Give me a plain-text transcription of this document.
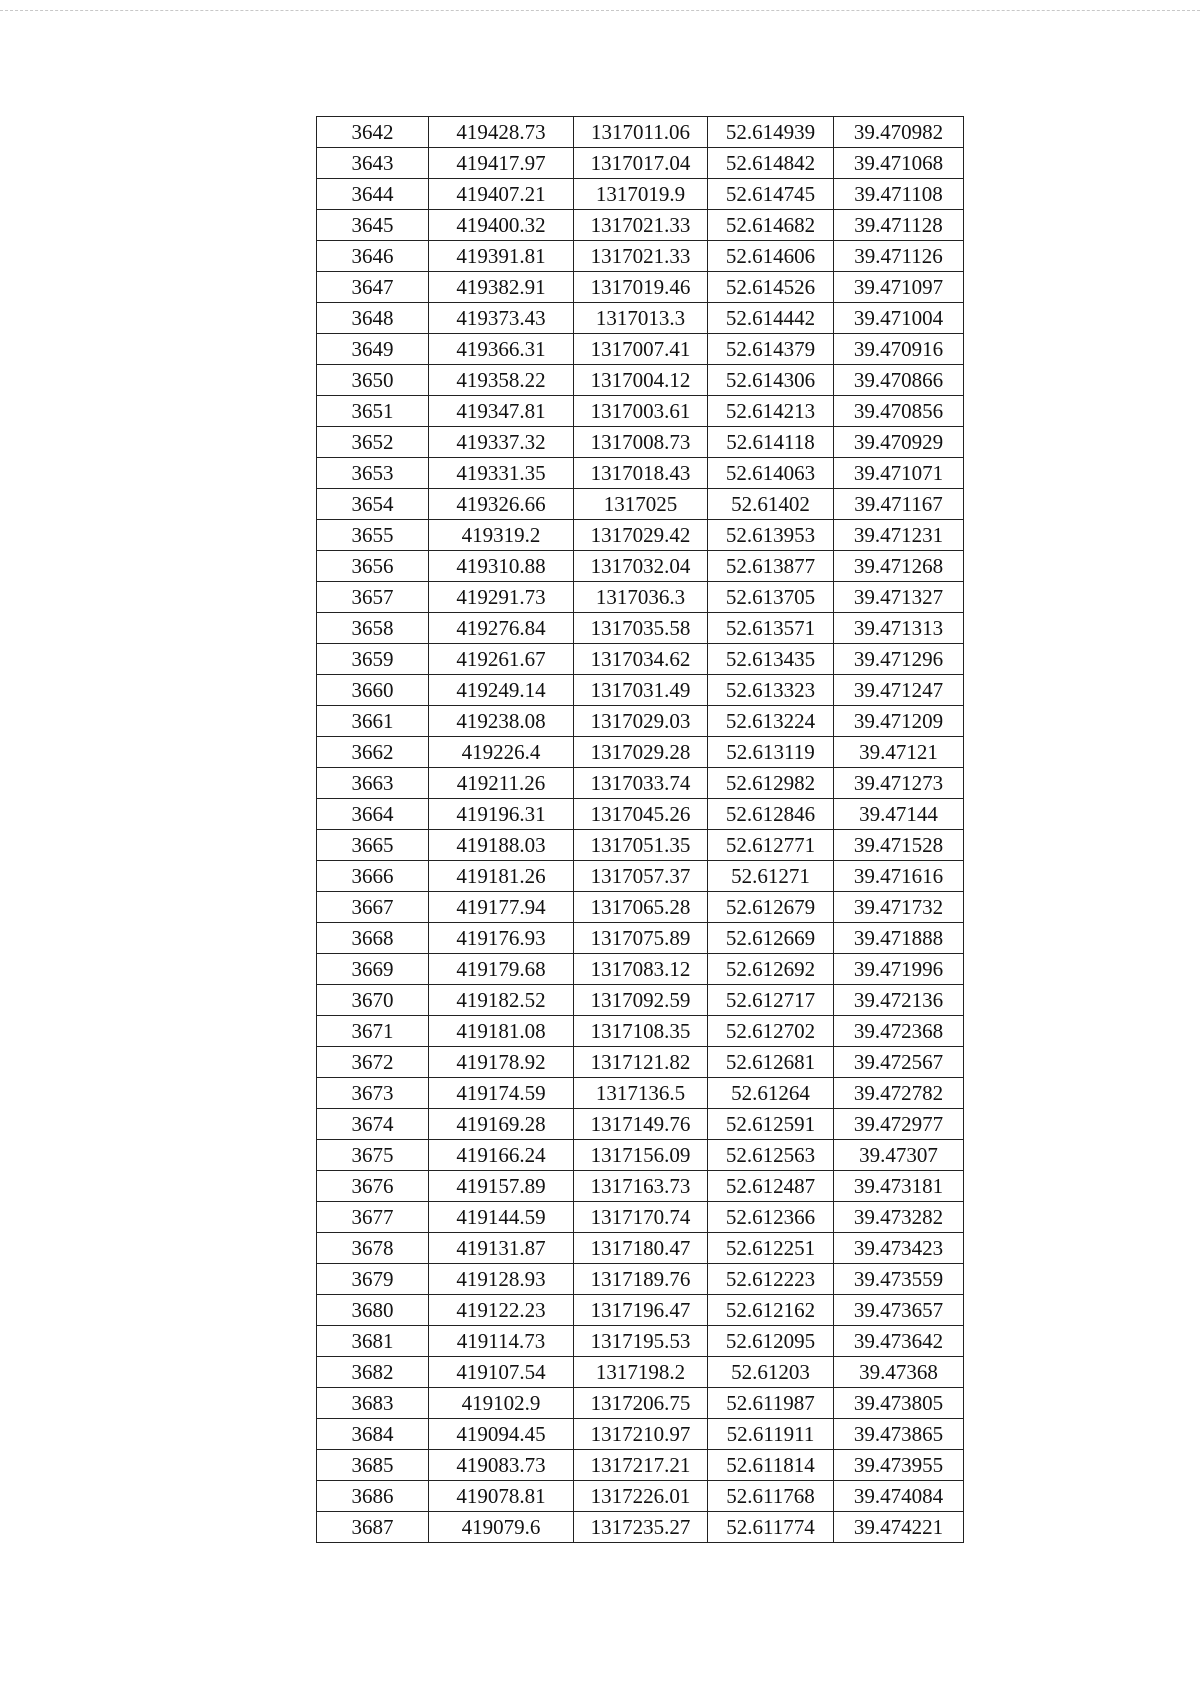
3642	419428.73	1317011.06	52.614939	39.470982
3643	419417.97	1317017.04	52.614842	39.471068
3644	419407.21	1317019.9	52.614745	39.471108
3645	419400.32	1317021.33	52.614682	39.471128
3646	419391.81	1317021.33	52.614606	39.471126
3647	419382.91	1317019.46	52.614526	39.471097
3648	419373.43	1317013.3	52.614442	39.471004
3649	419366.31	1317007.41	52.614379	39.470916
3650	419358.22	1317004.12	52.614306	39.470866
3651	419347.81	1317003.61	52.614213	39.470856
3652	419337.32	1317008.73	52.614118	39.470929
3653	419331.35	1317018.43	52.614063	39.471071
3654	419326.66	1317025	52.61402	39.471167
3655	419319.2	1317029.42	52.613953	39.471231
3656	419310.88	1317032.04	52.613877	39.471268
3657	419291.73	1317036.3	52.613705	39.471327
3658	419276.84	1317035.58	52.613571	39.471313
3659	419261.67	1317034.62	52.613435	39.471296
3660	419249.14	1317031.49	52.613323	39.471247
3661	419238.08	1317029.03	52.613224	39.471209
3662	419226.4	1317029.28	52.613119	39.47121
3663	419211.26	1317033.74	52.612982	39.471273
3664	419196.31	1317045.26	52.612846	39.47144
3665	419188.03	1317051.35	52.612771	39.471528
3666	419181.26	1317057.37	52.61271	39.471616
3667	419177.94	1317065.28	52.612679	39.471732
3668	419176.93	1317075.89	52.612669	39.471888
3669	419179.68	1317083.12	52.612692	39.471996
3670	419182.52	1317092.59	52.612717	39.472136
3671	419181.08	1317108.35	52.612702	39.472368
3672	419178.92	1317121.82	52.612681	39.472567
3673	419174.59	1317136.5	52.61264	39.472782
3674	419169.28	1317149.76	52.612591	39.472977
3675	419166.24	1317156.09	52.612563	39.47307
3676	419157.89	1317163.73	52.612487	39.473181
3677	419144.59	1317170.74	52.612366	39.473282
3678	419131.87	1317180.47	52.612251	39.473423
3679	419128.93	1317189.76	52.612223	39.473559
3680	419122.23	1317196.47	52.612162	39.473657
3681	419114.73	1317195.53	52.612095	39.473642
3682	419107.54	1317198.2	52.61203	39.47368
3683	419102.9	1317206.75	52.611987	39.473805
3684	419094.45	1317210.97	52.611911	39.473865
3685	419083.73	1317217.21	52.611814	39.473955
3686	419078.81	1317226.01	52.611768	39.474084
3687	419079.6	1317235.27	52.611774	39.474221
